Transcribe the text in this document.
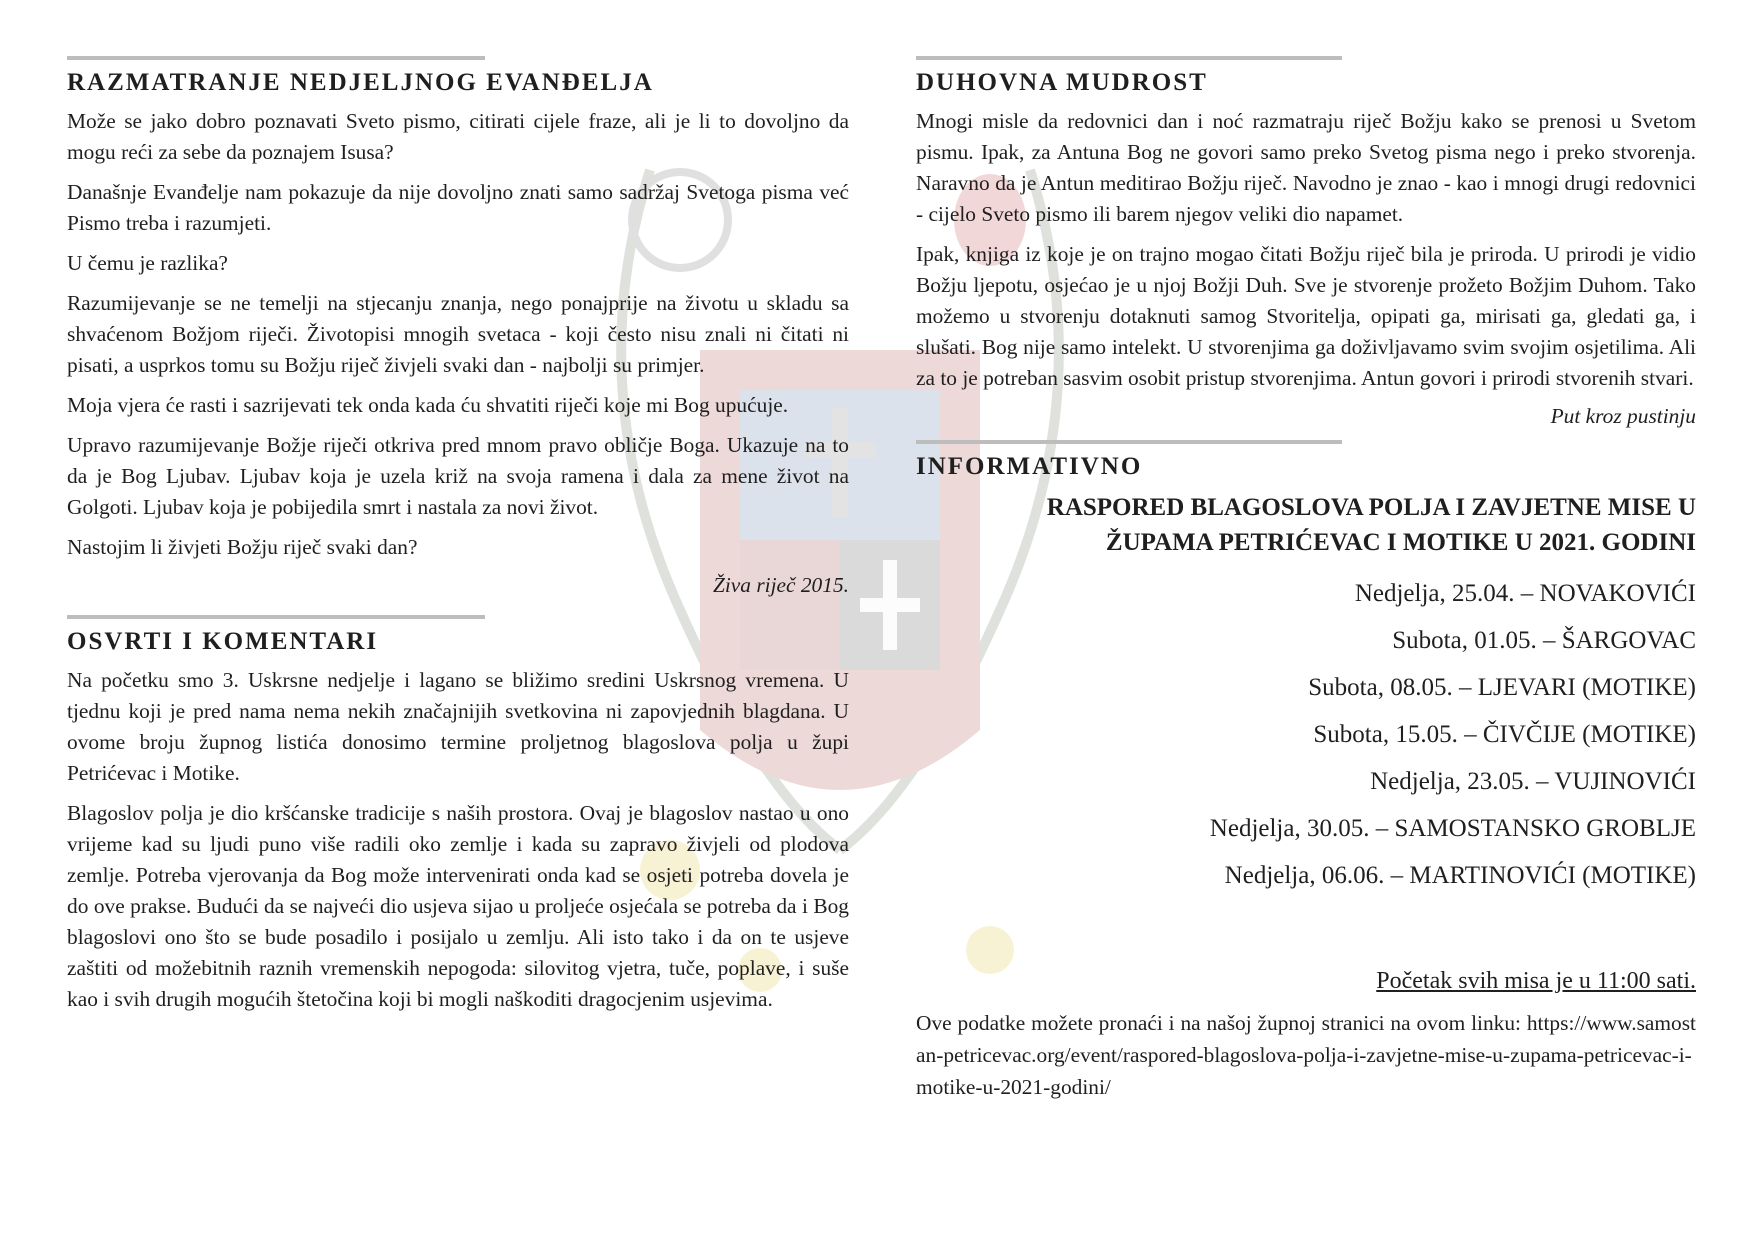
RAZMATRANJE NEDJELJNOG EVANĐELJA

Može se jako dobro poznavati Sveto pismo, citirati cijele fraze, ali je li to dovoljno da mogu reći za sebe da poznajem Isusa?

Današnje Evanđelje nam pokazuje da nije dovoljno znati samo sadržaj Svetoga pisma već Pismo treba i razumjeti.

U čemu je razlika?

Razumijevanje se ne temelji na stjecanju znanja, nego ponajprije na životu u skladu sa shvaćenom Božjom riječi. Životopisi mnogih svetaca - koji često nisu znali ni čitati ni pisati, a usprkos tomu su Božju riječ živjeli svaki dan - najbolji su primjer.

Moja vjera će rasti i sazrijevati tek onda kada ću shvatiti riječi koje mi Bog upućuje.

Upravo razumijevanje Božje riječi otkriva pred mnom pravo obličje Boga. Ukazuje na to da je Bog Ljubav. Ljubav koja je uzela križ na svoja ramena i dala za mene život na Golgoti. Ljubav koja je pobijedila smrt i nastala za novi život.

Nastojim li živjeti Božju riječ svaki dan?

Živa riječ 2015.
OSVRTI I KOMENTARI

Na početku smo 3. Uskrsne nedjelje i lagano se bližimo sredini Uskrsnog vremena. U tjednu koji je pred nama nema nekih značajnijih svetkovina ni zapovjednih blagdana. U ovome broju župnog listića donosimo termine proljetnog blagoslova polja u župi Petrićevac i Motike.

Blagoslov polja je dio kršćanske tradicije s naših prostora. Ovaj je blagoslov nastao u ono vrijeme kad su ljudi puno više radili oko zemlje i kada su zapravo živjeli od plodova zemlje. Potreba vjerovanja da Bog može intervenirati onda kad se osjeti potreba dovela je do ove prakse. Budući da se najveći dio usjeva sijao u proljeće osjećala se potreba da i Bog blagoslovi ono što se bude posadilo i posijalo u zemlju. Ali isto tako i da on te usjeve zaštiti od možebitnih raznih vremenskih nepogoda: silovitog vjetra, tuče, poplave, i suše kao i svih drugih mogućih štetočina koji bi mogli naškoditi dragocjenim usjevima.

DUHOVNA MUDROST

Mnogi misle da redovnici dan i noć razmatraju riječ Božju kako se prenosi u Svetom pismu. Ipak, za Antuna Bog ne govori samo preko Svetog pisma nego i preko stvorenja. Naravno da je Antun meditirao Božju riječ. Navodno je znao - kao i mnogi drugi redovnici - cijelo Sveto pismo ili barem njegov veliki dio napamet.

Ipak, knjiga iz koje je on trajno mogao čitati Božju riječ bila je priroda. U prirodi je vidio Božju ljepotu, osjećao je u njoj Božji Duh. Sve je stvorenje prožeto Božjim Duhom. Tako možemo u stvorenju dotaknuti samog Stvoritelja, opipati ga, mirisati ga, gledati ga, i slušati. Bog nije samo intelekt. U stvorenjima ga doživljavamo svim svojim osjetilima. Ali za to je potreban sasvim osobit pristup stvorenjima. Antun govori i prirodi stvorenih stvari.

Put kroz pustinju
INFORMATIVNO
RASPORED BLAGOSLOVA POLJA I ZAVJETNE MISE U
ŽUPAMA PETRIĆEVAC I MOTIKE U 2021. GODINI
Nedjelja, 25.04. – NOVAKOVIĆI
Subota, 01.05. – ŠARGOVAC
Subota, 08.05. – LJEVARI (MOTIKE)
Subota, 15.05. – ČIVČIJE (MOTIKE)
Nedjelja, 23.05. – VUJINOVIĆI
Nedjelja, 30.05. – SAMOSTANSKO GROBLJE
Nedjelja, 06.06. – MARTINOVIĆI (MOTIKE)
Početak svih misa je u 11:00 sati.

Ove podatke možete pronaći i na našoj župnoj stranici na ovom linku: https://www.samostan-petricevac.org/event/raspored-blagoslova-polja-i-zavjetne-mise-u-zupama-petricevac-i-motike-u-2021-godini/
